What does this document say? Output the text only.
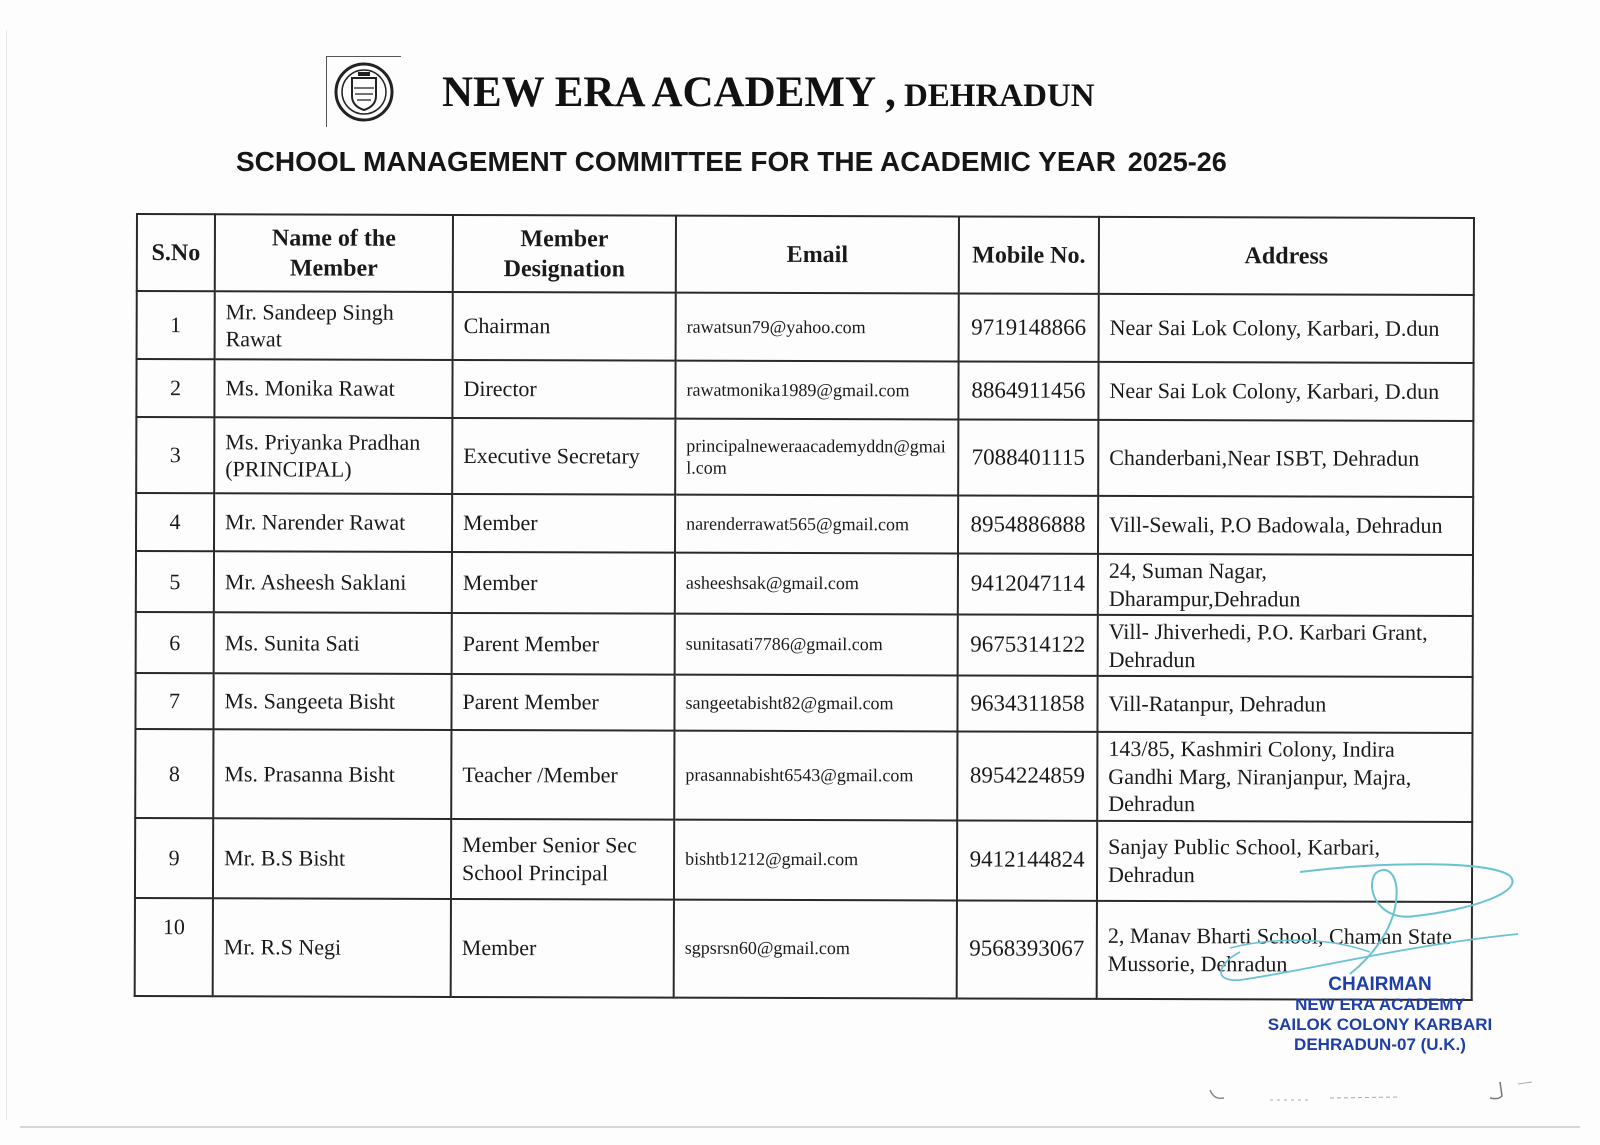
NEW ERA ACADEMY , DEHRADUN
SCHOOL MANAGEMENT COMMITTEE FOR THE ACADEMIC YEAR 2025-26
S.No	Name of the Member	Member Designation	Email	Mobile No.	Address
1	Mr. Sandeep Singh Rawat	Chairman	rawatsun79@yahoo.com	9719148866	Near Sai Lok Colony, Karbari, D.dun
2	Ms. Monika Rawat	Director	rawatmonika1989@gmail.com	8864911456	Near Sai Lok Colony, Karbari, D.dun
3	Ms. Priyanka Pradhan (PRINCIPAL)	Executive Secretary	principalneweraacademyddn@gmail.com	7088401115	Chanderbani,Near ISBT, Dehradun
4	Mr. Narender Rawat	Member	narenderrawat565@gmail.com	8954886888	Vill-Sewali, P.O Badowala, Dehradun
5	Mr. Asheesh Saklani	Member	asheeshsak@gmail.com	9412047114	24, Suman Nagar, Dharampur,Dehradun
6	Ms. Sunita Sati	Parent Member	sunitasati7786@gmail.com	9675314122	Vill- Jhiverhedi, P.O. Karbari Grant, Dehradun
7	Ms. Sangeeta Bisht	Parent Member	sangeetabisht82@gmail.com	9634311858	Vill-Ratanpur, Dehradun
8	Ms. Prasanna Bisht	Teacher /Member	prasannabisht6543@gmail.com	8954224859	143/85, Kashmiri Colony, Indira Gandhi Marg, Niranjanpur, Majra, Dehradun
9	Mr. B.S Bisht	Member Senior Sec School Principal	bishtb1212@gmail.com	9412144824	Sanjay Public School, Karbari, Dehradun
10	Mr. R.S Negi	Member	sgpsrsn60@gmail.com	9568393067	2, Manav Bharti School, Chaman State Mussorie, Dehradun
CHAIRMAN
NEW ERA ACADEMY
SAILOK COLONY KARBARI
DEHRADUN-07 (U.K.)
